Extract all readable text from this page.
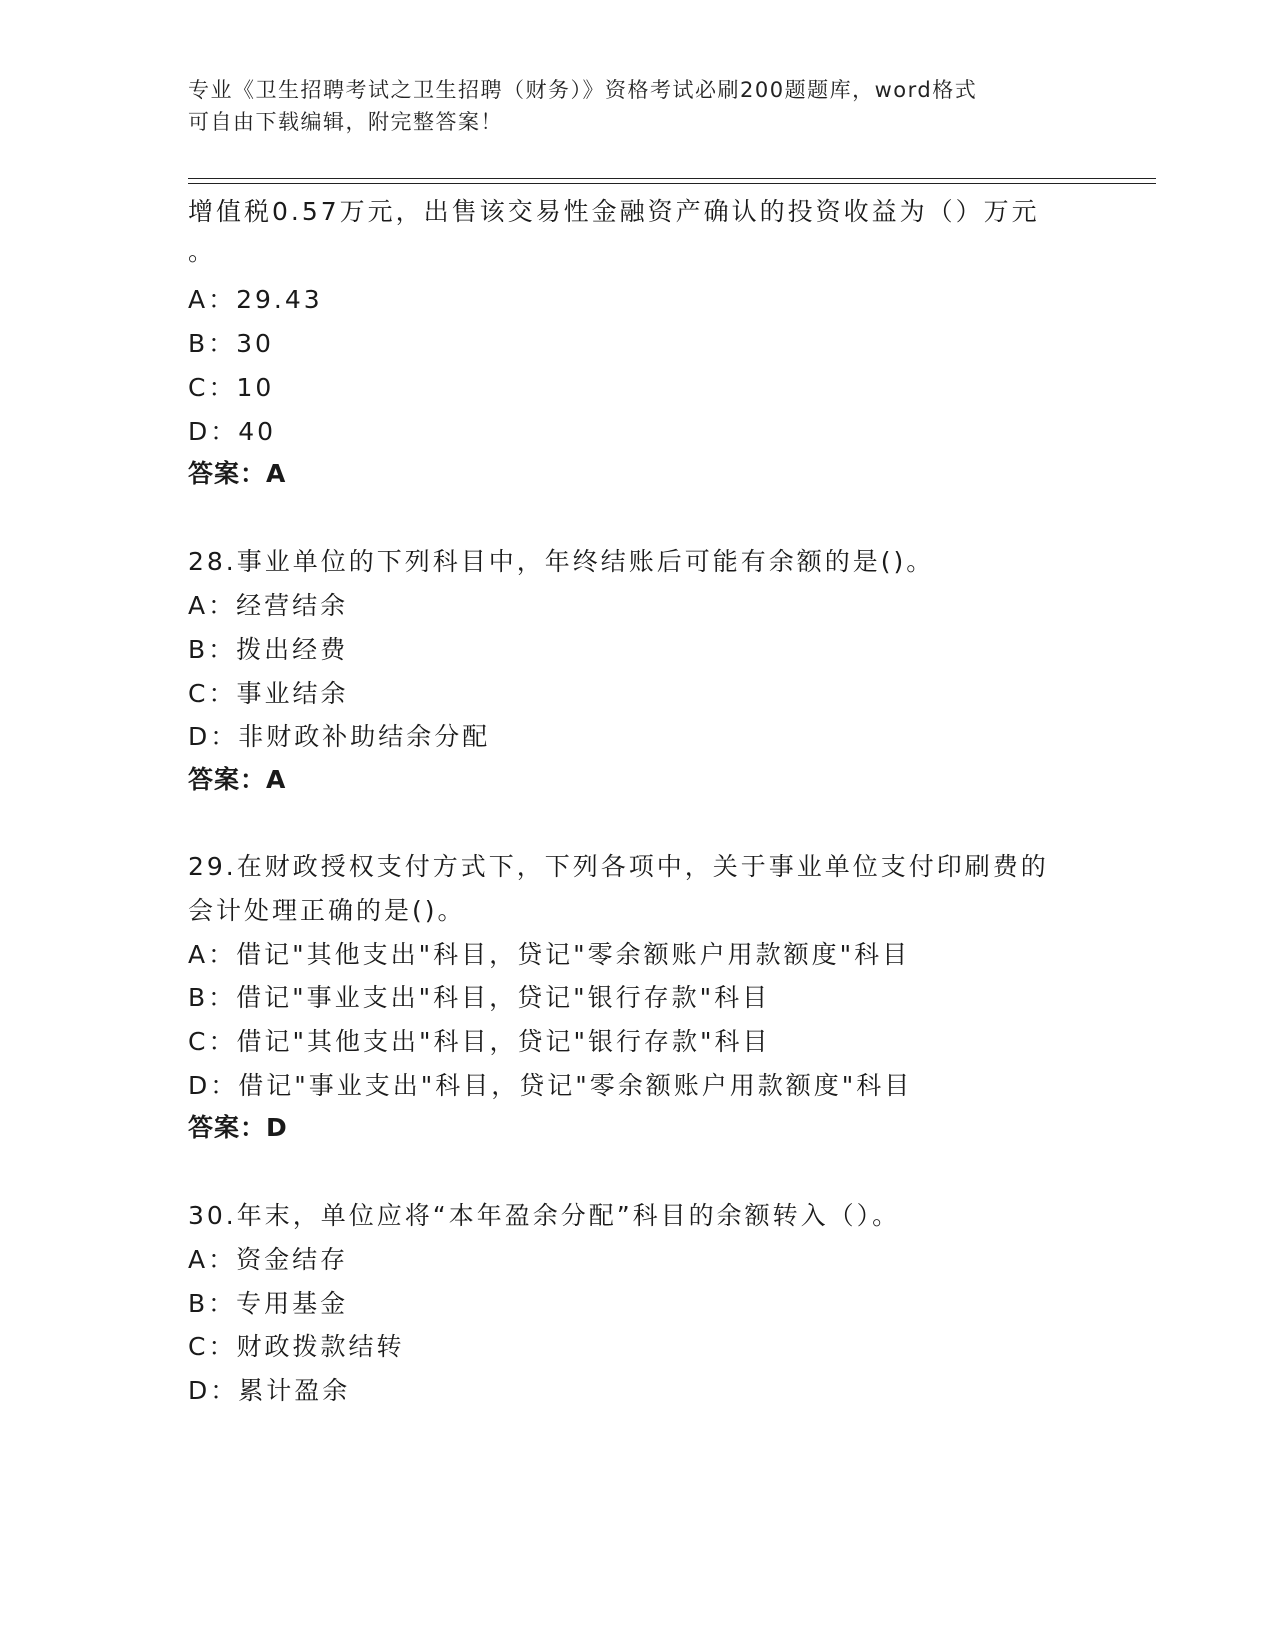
专业《卫生招聘考试之卫生招聘（财务）》资格考试必刷200题题库，word格式
可自由下载编辑，附完整答案！
增值税0.57万元，出售该交易性金融资产确认的投资收益为（）万元
。
A：29.43
B：30
C：10
D：40
答案：A
28.事业单位的下列科目中，年终结账后可能有余额的是()。
A：经营结余
B：拨出经费
C：事业结余
D：非财政补助结余分配
答案：A
29.在财政授权支付方式下，下列各项中，关于事业单位支付印刷费的
会计处理正确的是()。
A：借记"其他支出"科目，贷记"零余额账户用款额度"科目
B：借记"事业支出"科目，贷记"银行存款"科目
C：借记"其他支出"科目，贷记"银行存款"科目
D：借记"事业支出"科目，贷记"零余额账户用款额度"科目
答案：D
30.年末，单位应将“本年盈余分配”科目的余额转入（）。
A：资金结存
B：专用基金
C：财政拨款结转
D：累计盈余
